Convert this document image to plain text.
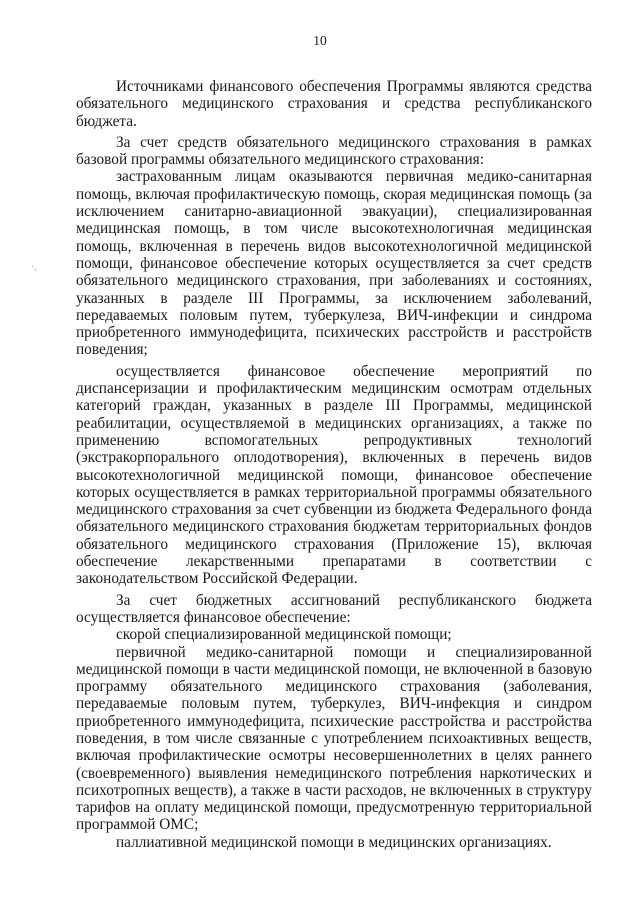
10
·,

Источниками финансового обеспечения Программы являются средства обязательного медицинского страхования и средства республиканского бюджета.

За счет средств обязательного медицинского страхования в рамках базовой программы обязательного медицинского страхования:

застрахованным лицам оказываются первичная медико-санитарная помощь, включая профилактическую помощь, скорая медицинская помощь (за исключением санитарно-авиационной эвакуации), специализированная медицинская помощь, в том числе высокотехнологичная медицинская помощь, включенная в перечень видов высокотехнологичной медицинской помощи, финансовое обеспечение которых осуществляется за счет средств обязательного медицинского страхования, при заболеваниях и состояниях, указанных в разделе III Программы, за исключением заболеваний, передаваемых половым путем, туберкулеза, ВИЧ-инфекции и синдрома приобретенного иммунодефицита, психических расстройств и расстройств поведения;

осуществляется финансовое обеспечение мероприятий по диспансеризации и профилактическим медицинским осмотрам отдельных категорий граждан, указанных в разделе III Программы, медицинской реабилитации, осуществляемой в медицинских организациях, а также по применению вспомогательных репродуктивных технологий (экстракорпорального оплодотворения), включенных в перечень видов высокотехнологичной медицинской помощи, финансовое обеспечение которых осуществляется в рамках территориальной программы обязательного медицинского страхования за счет субвенции из бюджета Федерального фонда обязательного медицинского страхования бюджетам территориальных фондов обязательного медицинского страхования (Приложение 15), включая обеспечение лекарственными препаратами в соответствии с законодательством Российской Федерации.

За счет бюджетных ассигнований республиканского бюджета осуществляется финансовое обеспечение:

скорой специализированной медицинской помощи;

первичной медико-санитарной помощи и специализированной медицинской помощи в части медицинской помощи, не включенной в базовую программу обязательного медицинского страхования (заболевания, передаваемые половым путем, туберкулез, ВИЧ-инфекция и синдром приобретенного иммунодефицита, психические расстройства и расстройства поведения, в том числе связанные с употреблением психоактивных веществ, включая профилактические осмотры несовершеннолетних в целях раннего (своевременного) выявления немедицинского потребления наркотических и психотропных веществ), а также в части расходов, не включенных в структуру тарифов на оплату медицинской помощи, предусмотренную территориальной программой ОМС;

паллиативной медицинской помощи в медицинских организациях.
